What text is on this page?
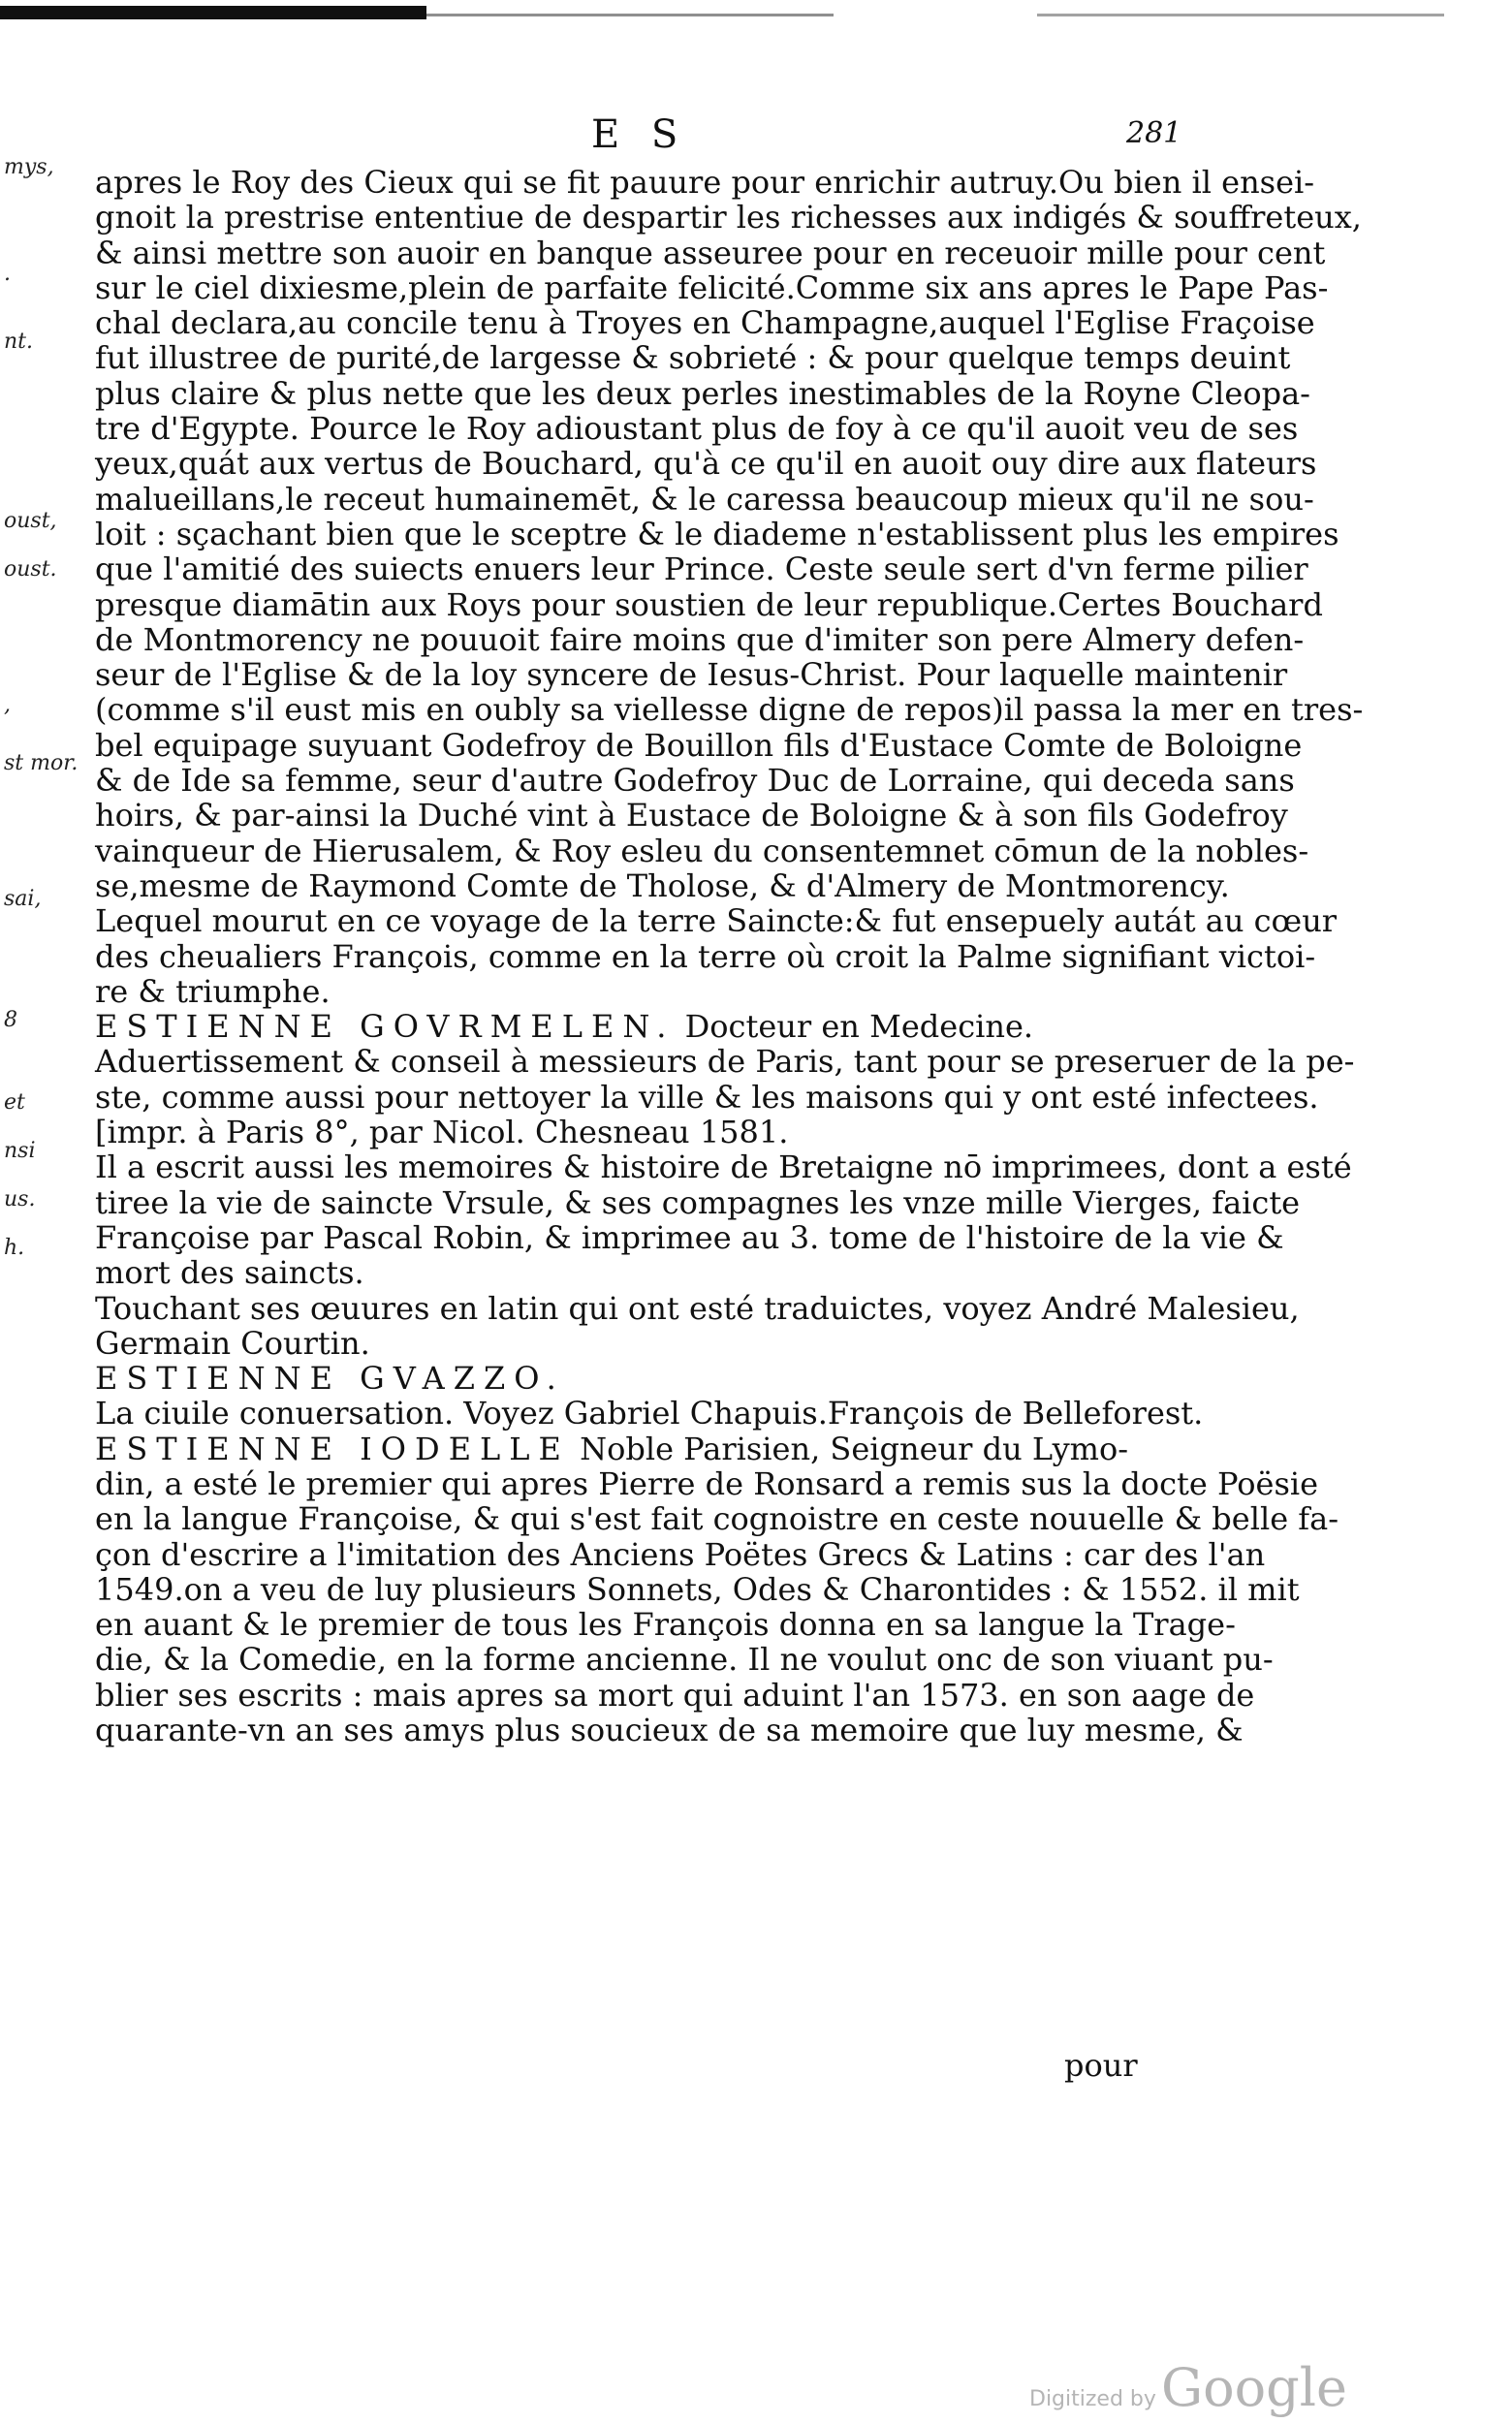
E S	281
mys,
.
nt.
oust,
oust.
,
st mor.
sai,
8
et
nsi
us.
h.
apres le Roy des Cieux qui se fit pauure pour enrichir autruy.Ou bien il ensei-
gnoit la prestrise ententiue de despartir les richesses aux indigés & souffreteux,
& ainsi mettre son auoir en banque asseuree pour en receuoir mille pour cent
sur le ciel dixiesme,plein de parfaite felicité.Comme six ans apres le Pape Pas-
chal declara,au concile tenu à Troyes en Champagne,auquel l'Eglise Fraçoise
fut illustree de purité,de largesse & sobrieté : & pour quelque temps deuint
plus claire & plus nette que les deux perles inestimables de la Royne Cleopa-
tre d'Egypte. Pource le Roy adioustant plus de foy à ce qu'il auoit veu de ses
yeux,quát aux vertus de Bouchard, qu'à ce qu'il en auoit ouy dire aux flateurs
malueillans,le receut humainemēt, & le caressa beaucoup mieux qu'il ne sou-
loit : sçachant bien que le sceptre & le diademe n'establissent plus les empires
que l'amitié des suiects enuers leur Prince. Ceste seule sert d'vn ferme pilier
presque diamātin aux Roys pour soustien de leur republique.Certes Bouchard
de Montmorency ne pouuoit faire moins que d'imiter son pere Almery defen-
seur de l'Eglise & de la loy syncere de Iesus-Christ. Pour laquelle maintenir
(comme s'il eust mis en oubly sa viellesse digne de repos)il passa la mer en tres-
bel equipage suyuant Godefroy de Bouillon fils d'Eustace Comte de Boloigne
& de Ide sa femme, seur d'autre Godefroy Duc de Lorraine, qui deceda sans
hoirs, & par-ainsi la Duché vint à Eustace de Boloigne & à son fils Godefroy
vainqueur de Hierusalem, & Roy esleu du consentemnet cōmun de la nobles-
se,mesme de Raymond Comte de Tholose, & d'Almery de Montmorency.
Lequel mourut en ce voyage de la terre Saincte:& fut ensepuely autát au cœur
des cheualiers François, comme en la terre où croit la Palme signifiant victoi-
re & triumphe.
ESTIENNE GOVRMELEN. Docteur en Medecine.
Aduertissement & conseil à messieurs de Paris, tant pour se preseruer de la pe-
ste, comme aussi pour nettoyer la ville & les maisons qui y ont esté infectees.
[impr. à Paris 8°, par Nicol. Chesneau 1581.
Il a escrit aussi les memoires & histoire de Bretaigne nō imprimees, dont a esté
tiree la vie de saincte Vrsule, & ses compagnes les vnze mille Vierges, faicte
Françoise par Pascal Robin, & imprimee au 3. tome de l'histoire de la vie &
mort des saincts.
Touchant ses œuures en latin qui ont esté traduictes, voyez André Malesieu,
Germain Courtin.
ESTIENNE GVAZZO.
La ciuile conuersation. Voyez Gabriel Chapuis.François de Belleforest.
ESTIENNE IODELLE Noble Parisien, Seigneur du Lymo-
din, a esté le premier qui apres Pierre de Ronsard a remis sus la docte Poësie
en la langue Françoise, & qui s'est fait cognoistre en ceste nouuelle & belle fa-
çon d'escrire a l'imitation des Anciens Poëtes Grecs & Latins : car des l'an
1549.on a veu de luy plusieurs Sonnets, Odes & Charontides : & 1552. il mit
en auant & le premier de tous les François donna en sa langue la Trage-
die, & la Comedie, en la forme ancienne. Il ne voulut onc de son viuant pu-
blier ses escrits : mais apres sa mort qui aduint l'an 1573. en son aage de
quarante-vn an ses amys plus soucieux de sa memoire que luy mesme, &
pour
Digitized by Google
